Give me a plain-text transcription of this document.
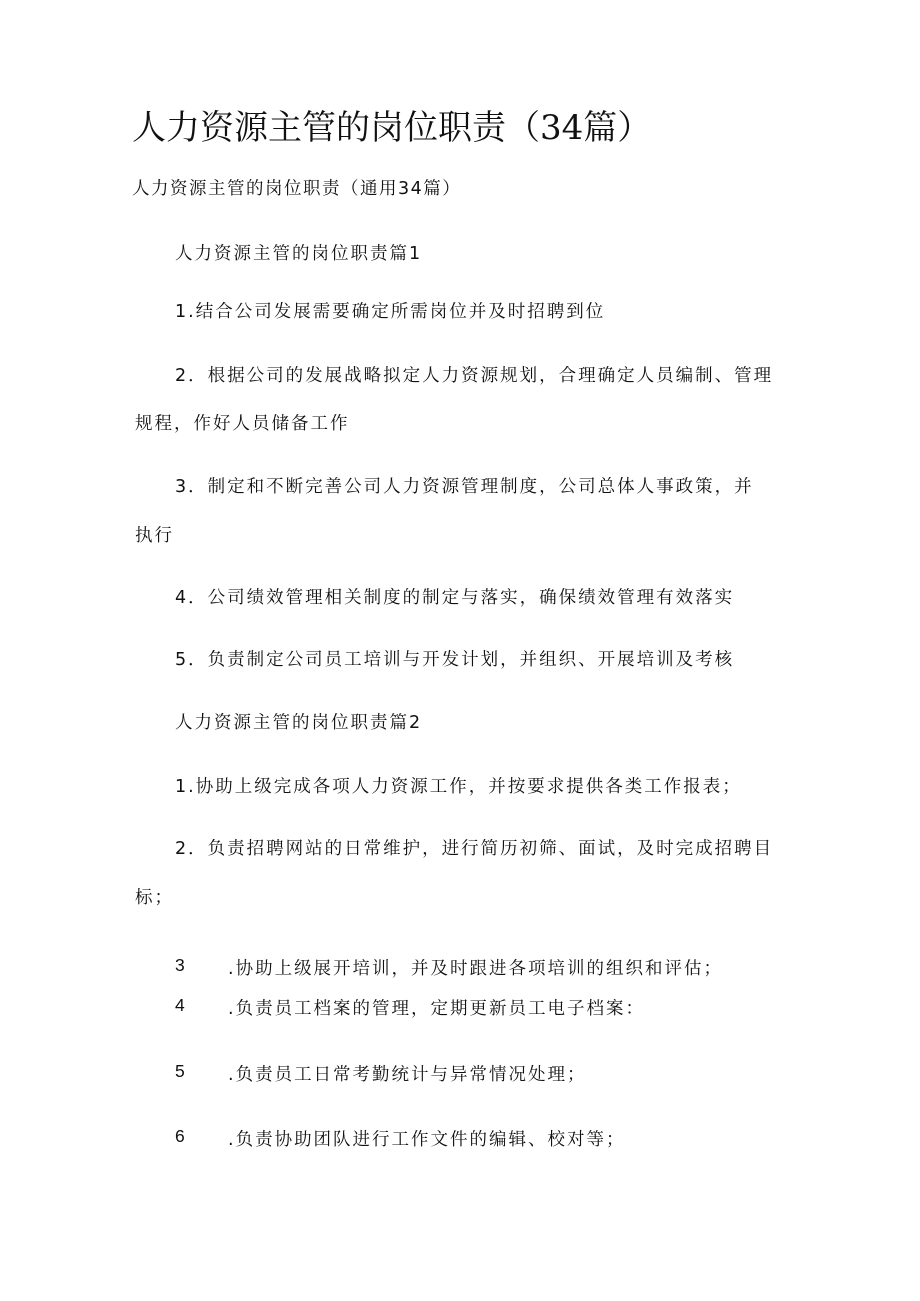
人力资源主管的岗位职责（34篇）
人力资源主管的岗位职责（通用34篇）
人力资源主管的岗位职责篇1
1.结合公司发展需要确定所需岗位并及时招聘到位
2．根据公司的发展战略拟定人力资源规划，合理确定人员编制、管理
规程，作好人员储备工作
3．制定和不断完善公司人力资源管理制度，公司总体人事政策，并
执行
4．公司绩效管理相关制度的制定与落实，确保绩效管理有效落实
5．负责制定公司员工培训与开发计划，并组织、开展培训及考核
人力资源主管的岗位职责篇2
1.协助上级完成各项人力资源工作，并按要求提供各类工作报表；
2．负责招聘网站的日常维护，进行简历初筛、面试，及时完成招聘目
标；
3 .协助上级展开培训，并及时跟进各项培训的组织和评估；
4 .负责员工档案的管理，定期更新员工电子档案：
5 .负责员工日常考勤统计与异常情况处理；
6 .负责协助团队进行工作文件的编辑、校对等；
